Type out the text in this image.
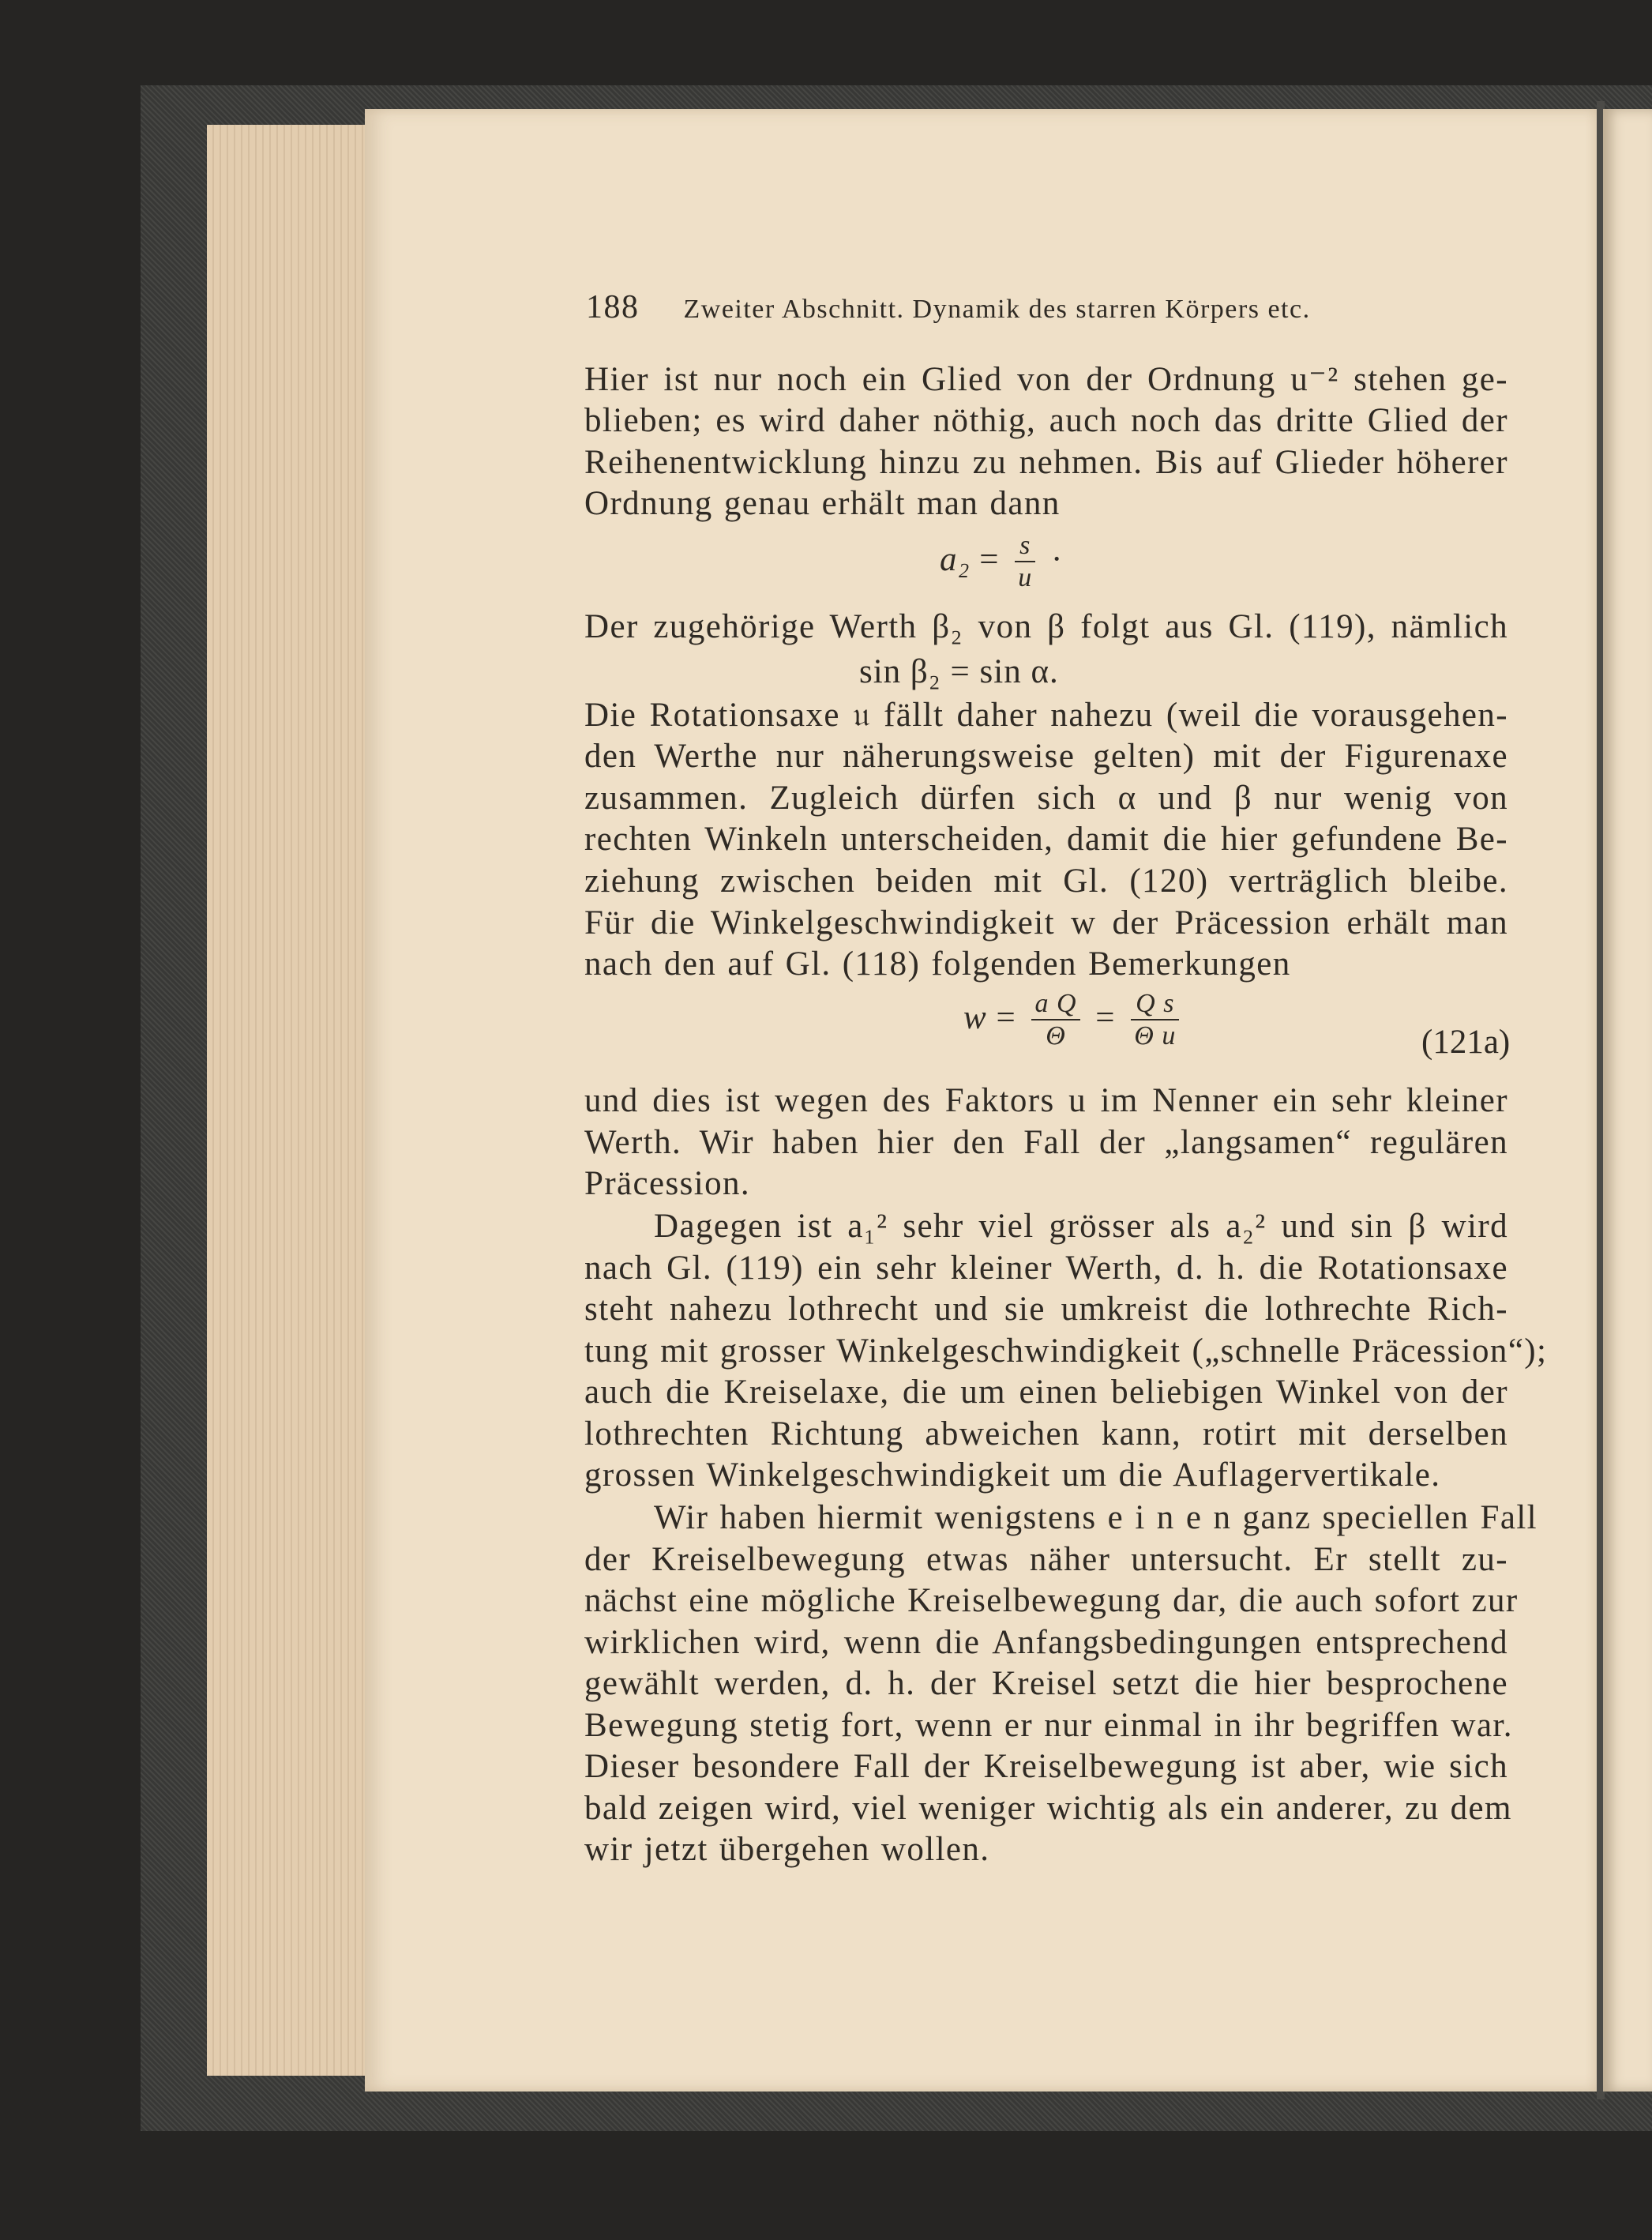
188 Zweiter Abschnitt. Dynamik des starren Körpers etc.
Hier ist nur noch ein Glied von der Ordnung u⁻² stehen ge-
blieben; es wird daher nöthig, auch noch das dritte Glied der
Reihenentwicklung hinzu zu nehmen. Bis auf Glieder höherer
Ordnung genau erhält man dann
$a_2 = \frac{s}{u}$ ·
Der zugehörige Werth β₂ von β folgt aus Gl. (119), nämlich
sin β₂ = sin α.
Die Rotationsaxe 𝔲 fällt daher nahezu (weil die vorausgehen-
den Werthe nur näherungsweise gelten) mit der Figurenaxe
zusammen. Zugleich dürfen sich α und β nur wenig von
rechten Winkeln unterscheiden, damit die hier gefundene Be-
ziehung zwischen beiden mit Gl. (120) verträglich bleibe.
Für die Winkelgeschwindigkeit w der Präcession erhält man
nach den auf Gl. (118) folgenden Bemerkungen
$w = \frac{\text{a Q}}{\Theta} = \frac{\text{Q s}}{\text{Θ u}}$	(121a)
und dies ist wegen des Faktors u im Nenner ein sehr kleiner
Werth. Wir haben hier den Fall der „langsamen“ regulären
Präcession.
Dagegen ist a₁² sehr viel grösser als a₂² und sin β wird
nach Gl. (119) ein sehr kleiner Werth, d. h. die Rotationsaxe
steht nahezu lothrecht und sie umkreist die lothrechte Rich-
tung mit grosser Winkelgeschwindigkeit („schnelle Präcession“);
auch die Kreiselaxe, die um einen beliebigen Winkel von der
lothrechten Richtung abweichen kann, rotirt mit derselben
grossen Winkelgeschwindigkeit um die Auflagervertikale.
Wir haben hiermit wenigstens e i n e n ganz speciellen Fall
der Kreiselbewegung etwas näher untersucht. Er stellt zu-
nächst eine mögliche Kreiselbewegung dar, die auch sofort zur
wirklichen wird, wenn die Anfangsbedingungen entsprechend
gewählt werden, d. h. der Kreisel setzt die hier besprochene
Bewegung stetig fort, wenn er nur einmal in ihr begriffen war.
Dieser besondere Fall der Kreiselbewegung ist aber, wie sich
bald zeigen wird, viel weniger wichtig als ein anderer, zu dem
wir jetzt übergehen wollen.
